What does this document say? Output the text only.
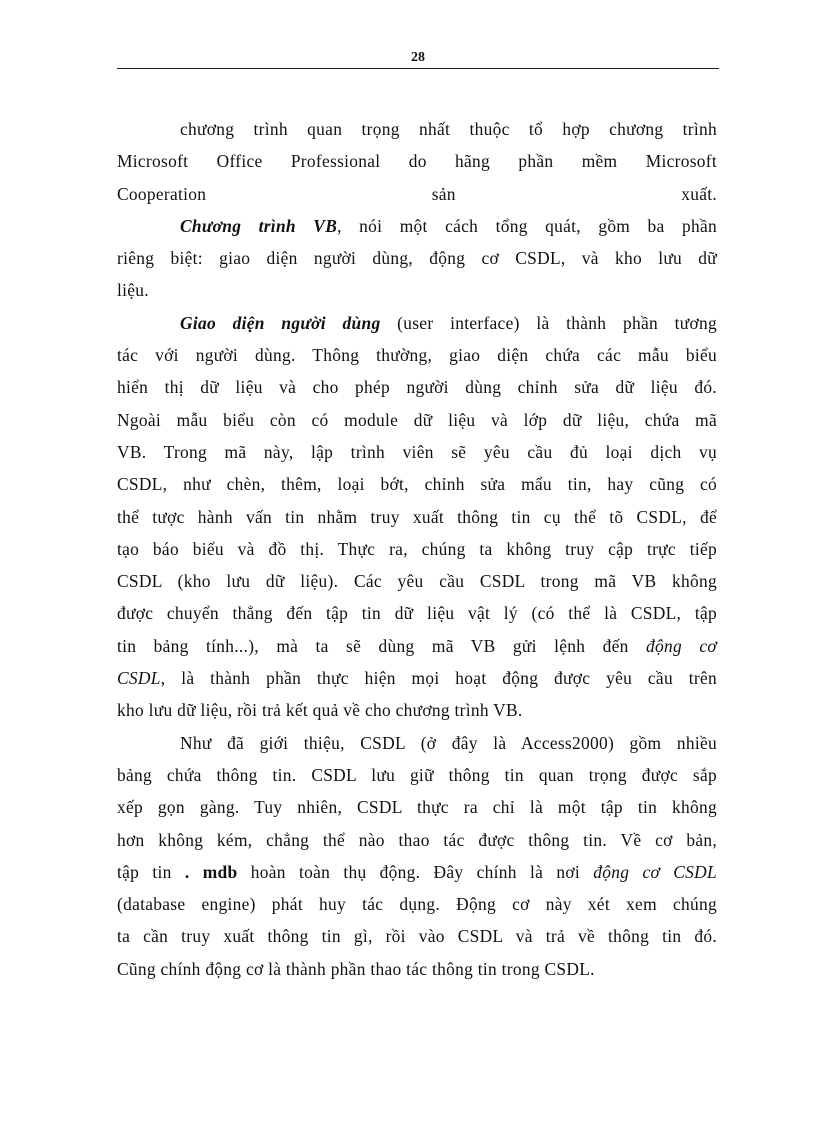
28
chương trình quan trọng nhất thuộc tổ hợp chương trình
Microsoft Office Professional do hãng phần mềm Microsoft
Cooperation sản xuất.
Chương trình VB, nói một cách tổng quát, gồm ba phần
riêng biệt: giao diện người dùng, động cơ CSDL, và kho lưu dữ
liệu.
Giao diện người dùng (user interface) là thành phần tương
tác với người dùng. Thông thường, giao diện chứa các mẫu biểu
hiển thị dữ liệu và cho phép người dùng chỉnh sửa dữ liệu đó.
Ngoài mẫu biểu còn có module dữ liệu và lớp dữ liệu, chứa mã
VB. Trong mã này, lập trình viên sẽ yêu cầu đủ loại dịch vụ
CSDL, như chèn, thêm, loại bớt, chỉnh sửa mẩu tin, hay cũng có
thể tược hành vấn tin nhằm truy xuất thông tin cụ thể tõ CSDL, để
tạo báo biểu và đồ thị. Thực ra, chúng ta không truy cập trực tiếp
CSDL (kho lưu dữ liệu). Các yêu cầu CSDL trong mã VB không
được chuyển thẳng đến tập tin dữ liệu vật lý (có thể là CSDL, tập
tin bảng tính...), mà ta sẽ dùng mã VB gửi lệnh đến động cơ
CSDL, là thành phần thực hiện mọi hoạt động được yêu cầu trên
kho lưu dữ liệu, rồi trả kết quả về cho chương trình VB.
Như đã giới thiệu, CSDL (ở đây là Access2000) gồm nhiều
bảng chứa thông tin. CSDL lưu giữ thông tin quan trọng được sắp
xếp gọn gàng. Tuy nhiên, CSDL thực ra chỉ là một tập tin không
hơn không kém, chẳng thể nào thao tác được thông tin. Về cơ bản,
tập tin . mdb hoàn toàn thụ động. Đây chính là nơi động cơ CSDL
(database engine) phát huy tác dụng. Động cơ này xét xem chúng
ta cần truy xuất thông tin gì, rồi vào CSDL và trả về thông tin đó.
Cũng chính động cơ là thành phần thao tác thông tin trong CSDL.
